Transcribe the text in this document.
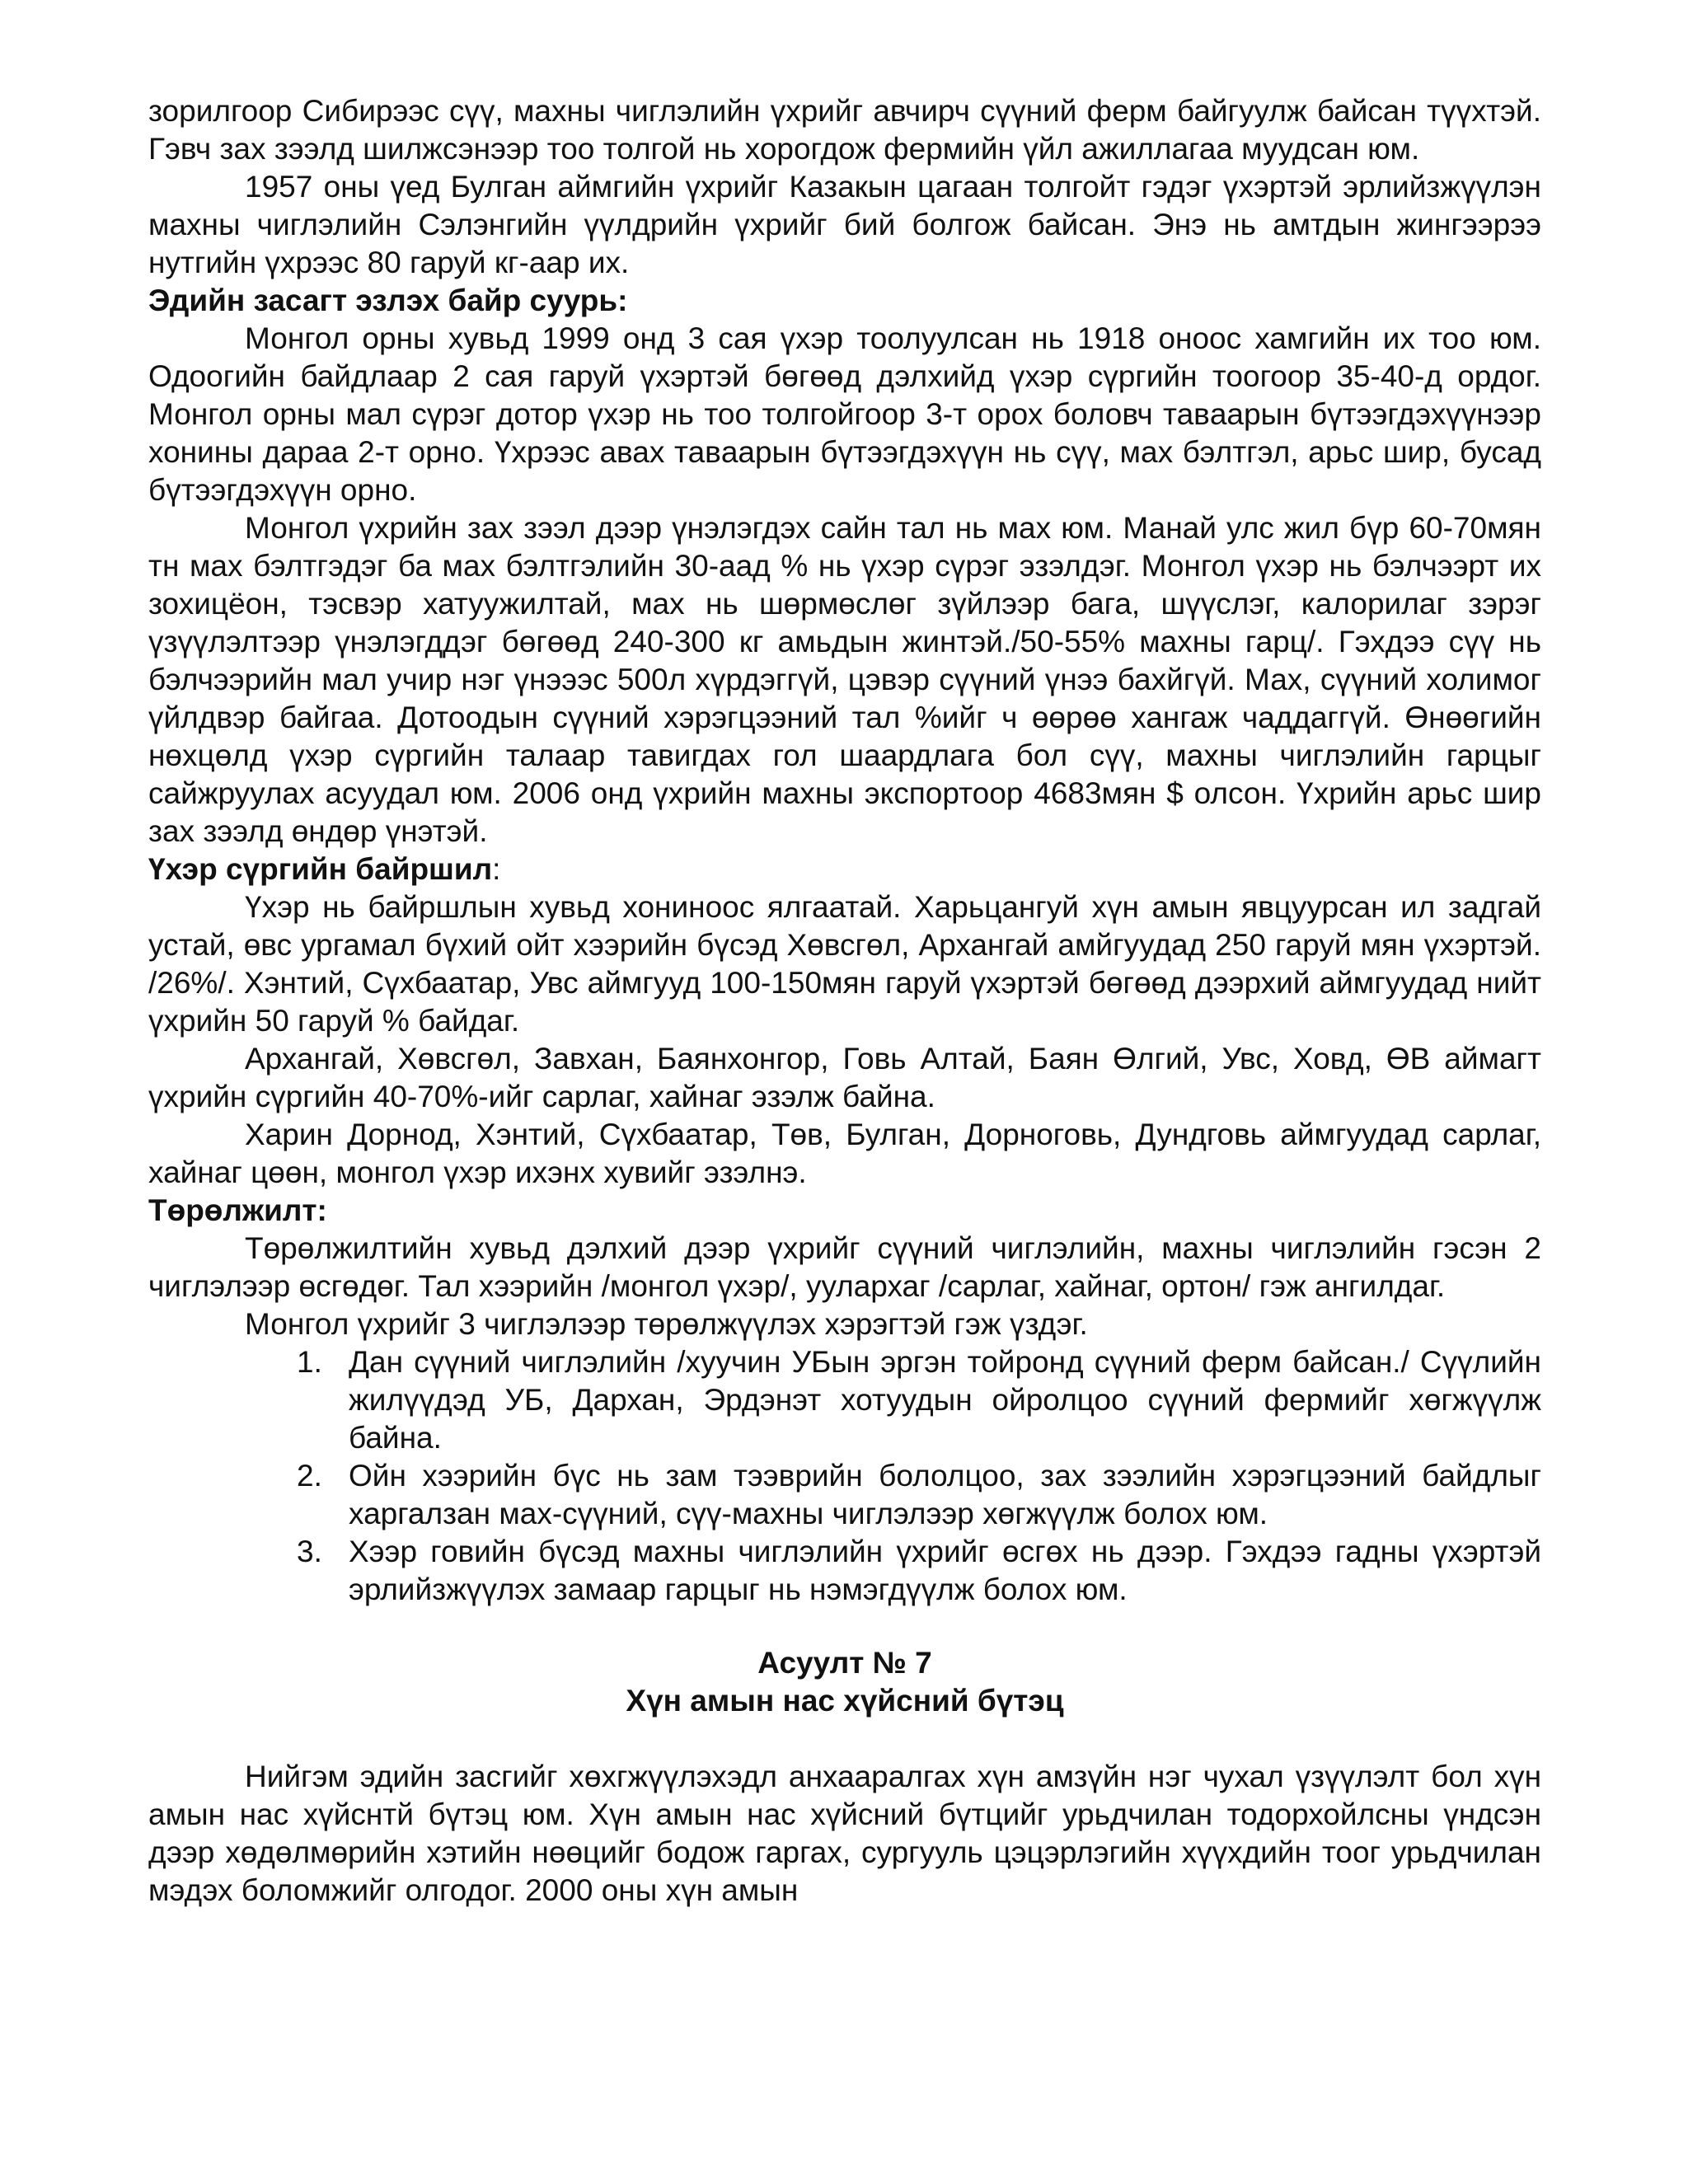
зорилгоор Сибирээс сүү, махны чиглэлийн үхрийг авчирч сүүний ферм байгуулж байсан түүхтэй. Гэвч зах зээлд шилжсэнээр тоо толгой нь хорогдож фермийн үйл ажиллагаа муудсан юм.

1957 оны үед Булган аймгийн үхрийг Казакын цагаан толгойт гэдэг үхэртэй эрлийзжүүлэн махны чиглэлийн Сэлэнгийн үүлдрийн үхрийг бий болгож байсан. Энэ нь амтдын жингээрээ нутгийн үхрээс 80 гаруй кг-аар их.

Эдийн засагт эзлэх байр суурь:

Монгол орны хувьд 1999 онд 3 сая үхэр тоолуулсан нь 1918 оноос хамгийн их тоо юм. Одоогийн байдлаар 2 сая гаруй үхэртэй бөгөөд дэлхийд үхэр сүргийн тоогоор 35-40-д ордог. Монгол орны мал сүрэг дотор үхэр нь тоо толгойгоор 3-т орох боловч тавaарын бүтээгдэхүүнээр хонины дараа 2-т орно. Үхрээс авах тавaарын бүтээгдэхүүн нь сүү, мах бэлтгэл, арьс шир, бусад бүтээгдэхүүн орно.

Монгол үхрийн зах зээл дээр үнэлэгдэх сайн тал нь мах юм. Манай улс жил бүр 60-70мян тн мах бэлтгэдэг ба мах бэлтгэлийн 30-аад % нь үхэр сүрэг эзэлдэг. Монгол үхэр нь бэлчээрт их зохицёон, тэсвэр хатуужилтай, мах нь шөрмөслөг зүйлээр бага, шүүслэг, калорилаг зэрэг үзүүлэлтээр үнэлэгддэг бөгөөд 240-300 кг амьдын жинтэй./50-55% махны гарц/. Гэхдээ сүү нь бэлчээрийн мал учир нэг үнэээс 500л хүрдэггүй, цэвэр сүүний үнээ бахйгүй. Мах, сүүний холимог үйлдвэр байгаа. Дотоодын сүүний хэрэгцээний тал %ийг ч өөрөө хангаж чаддаггүй. Өнөөгийн нөхцөлд үхэр сүргийн талаар тавигдах гол шаардлага бол сүү, махны чиглэлийн гарцыг сайжруулах асуудал юм. 2006 онд үхрийн махны экспортоор 4683мян $ олсон. Үхрийн арьс шир зах зээлд өндөр үнэтэй.

Үхэр сүргийн байршил:

Үхэр нь байршлын хувьд хониноос ялгаатай. Харьцангуй хүн амын явцуурсан ил задгай устай, өвс ургамал бүхий ойт хээрийн бүсэд Хөвсгөл, Архангай амйгуудад 250 гаруй мян үхэртэй. /26%/. Хэнтий, Сүхбаатар, Увс аймгууд 100-150мян гаруй үхэртэй бөгөөд дээрхий аймгуудад нийт үхрийн 50 гаруй % байдаг.

Архангай, Хөвсгөл, Завхан, Баянхонгор, Говь Алтай, Баян Өлгий, Увс, Ховд, ӨВ аймагт үхрийн сүргийн 40-70%-ийг сарлаг, хайнаг эзэлж байна.

Харин Дорнод, Хэнтий, Сүхбаатар, Төв, Булган, Дорноговь, Дундговь аймгуудад сарлаг, хайнаг цөөн, монгол үхэр ихэнх хувийг эзэлнэ.

Төрөлжилт:

Төрөлжилтийн хувьд дэлхий дээр үхрийг сүүний чиглэлийн, махны чиглэлийн гэсэн 2 чиглэлээр өсгөдөг. Тал хээрийн /монгол үхэр/, уулархаг /сарлаг, хайнаг, ортон/ гэж ангилдаг.

Монгол үхрийг 3 чиглэлээр төрөлжүүлэх хэрэгтэй гэж үздэг.

1. Дан сүүний чиглэлийн /хуучин УБын эргэн тойронд сүүний ферм байсан./ Сүүлийн жилүүдэд УБ, Дархан, Эрдэнэт хотуудын ойролцоо сүүний фермийг хөгжүүлж байна.
2. Ойн хээрийн бүс нь зам тээврийн бололцоо, зах зээлийн хэрэгцээний байдлыг харгалзан мах-сүүний, сүү-махны чиглэлээр хөгжүүлж болох юм.
3. Хээр говийн бүсэд махны чиглэлийн үхрийг өсгөх нь дээр. Гэхдээ гадны үхэртэй эрлийзжүүлэх замаар гарцыг нь нэмэгдүүлж болох юм.

Асуулт № 7

Хүн амын нас хүйсний бүтэц

Нийгэм эдийн засгийг хөхгжүүлэхэдл анхааралгах хүн амзүйн нэг чухал үзүүлэлт бол хүн амын нас хүйснтй бүтэц юм. Хүн амын нас хүйсний бүтцийг урьдчилан тодорхойлсны үндсэн дээр хөдөлмөрийн хэтийн нөөцийг бодож гаргах, сургууль цэцэрлэгийн хүүхдийн тоог урьдчилан мэдэх боломжийг олгодог. 2000 оны хүн амын
